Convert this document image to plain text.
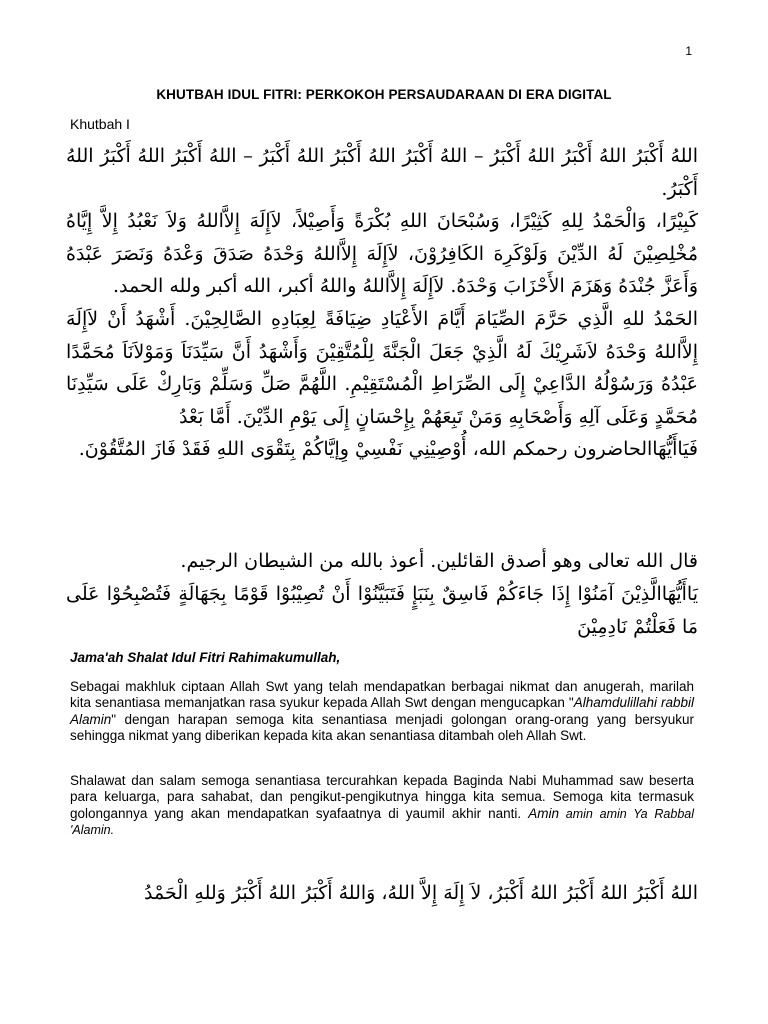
1
KHUTBAH IDUL FITRI: PERKOKOH PERSAUDARAAN DI ERA DIGITAL
Khutbah I

اللهُ أَكْبَرُ اللهُ أَكْبَرُ اللهُ أَكْبَرُ – اللهُ أَكْبَرُ اللهُ أَكْبَرُ اللهُ أَكْبَرُ – اللهُ أَكْبَرُ اللهُ أَكْبَرُ اللهُ أَكْبَرُ.

كَبِيْرًا، وَالْحَمْدُ لِلهِ كَثِيْرًا، وَسُبْحَانَ اللهِ بُكْرَةً وَأَصِيْلاً، لاَإِلَهَ إِلاَّاللهُ وَلاَ نَعْبُدُ إِلاَّ إِيَّاهُ مُخْلِصِيْنَ لَهُ الدِّيْنَ وَلَوْكَرِهَ الكَافِرُوْنَ، لاَإِلَهَ إِلاَّاللهُ وَحْدَهُ صَدَقَ وَعْدَهُ وَنَصَرَ عَبْدَهُ وَأَعَزَّ جُنْدَهُ وَهَزَمَ الأَحْزَابَ وَحْدَهُ. لاَإِلَهَ إِلاَّاللهُ واللهُ أكبر، الله أكبر ولله الحمد.

الحَمْدُ للهِ الَّذِي حَرَّمَ الصِّيَامَ أَيَّامَ الأَعْيَادِ ضِيَافَةً لِعِبَادِهِ الصَّالِحِيْنَ. أَشْهَدُ أَنْ لاَإِلَهَ إِلاَّاللهُ وَحْدَهُ لاَشَرِيْكَ لَهُ الَّذِيْ جَعَلَ الْجَنَّةَ لِلْمُتَّقِيْنَ وَأَشْهَدُ أَنَّ سَيِّدَنَاَ وَمَوْلاَنَاَ مُحَمَّدًا عَبْدُهُ وَرَسُوْلُهُ الدَّاعِيْ إِلَى الصِّرَاطِ الْمُسْتَقِيْمِ. اللَّهُمَّ صَلِّ وَسَلِّمْ وَبَارِكْ عَلَى سَيِّدِنَا مُحَمَّدٍ وَعَلَى آلِهِ وَأَصْحَابِهِ وَمَنْ تَبِعَهُمْ بِإِحْسَانٍ إِلَى يَوْمِ الدِّيْنَ. أَمَّا بَعْدُ

فَيَاأَيُّهَاالحاضرون رحمكم الله، أُوْصِيْنِي نَفْسِيْ وِإيَّاكُمْ بِتَقْوَى اللهِ فَقَدْ فَازَ المُتَّقُوْنَ.

قال الله تعالى وهو أصدق القائلين. أعوذ بالله من الشيطان الرجيم.

يَاأَيُّهَاالَّذِيْنَ آمَنُوْا إِذَا جَاءَكُمْ فَاسِقٌ بِنَبَإٍ فَتَبَيَّنُوْا أَنْ تُصِيْبُوْا قَوْمًا بِجَهَالَةٍ فَتُصْبِحُوْا عَلَى مَا فَعَلْتُمْ نَادِمِيْنَ

Jama'ah Shalat Idul Fitri Rahimakumullah,

Sebagai makhluk ciptaan Allah Swt yang telah mendapatkan berbagai nikmat dan anugerah, marilah kita senantiasa memanjatkan rasa syukur kepada Allah Swt dengan mengucapkan "Alhamdulillahi rabbil Alamin" dengan harapan semoga kita senantiasa menjadi golongan orang-orang yang bersyukur sehingga nikmat yang diberikan kepada kita akan senantiasa ditambah oleh Allah Swt.

Shalawat dan salam semoga senantiasa tercurahkan kepada Baginda Nabi Muhammad saw beserta para keluarga, para sahabat, dan pengikut-pengikutnya hingga kita semua. Semoga kita termasuk golongannya yang akan mendapatkan syafaatnya di yaumil akhir nanti. Amin amin amin Ya Rabbal 'Alamin.

اللهُ أَكْبَرُ اللهُ أَكْبَرُ اللهُ أَكْبَرُ، لاَ إِلَهَ إِلاَّ اللهُ، وَاللهُ أَكْبَرُ اللهُ أَكْبَرُ وَللهِ الْحَمْدُ
